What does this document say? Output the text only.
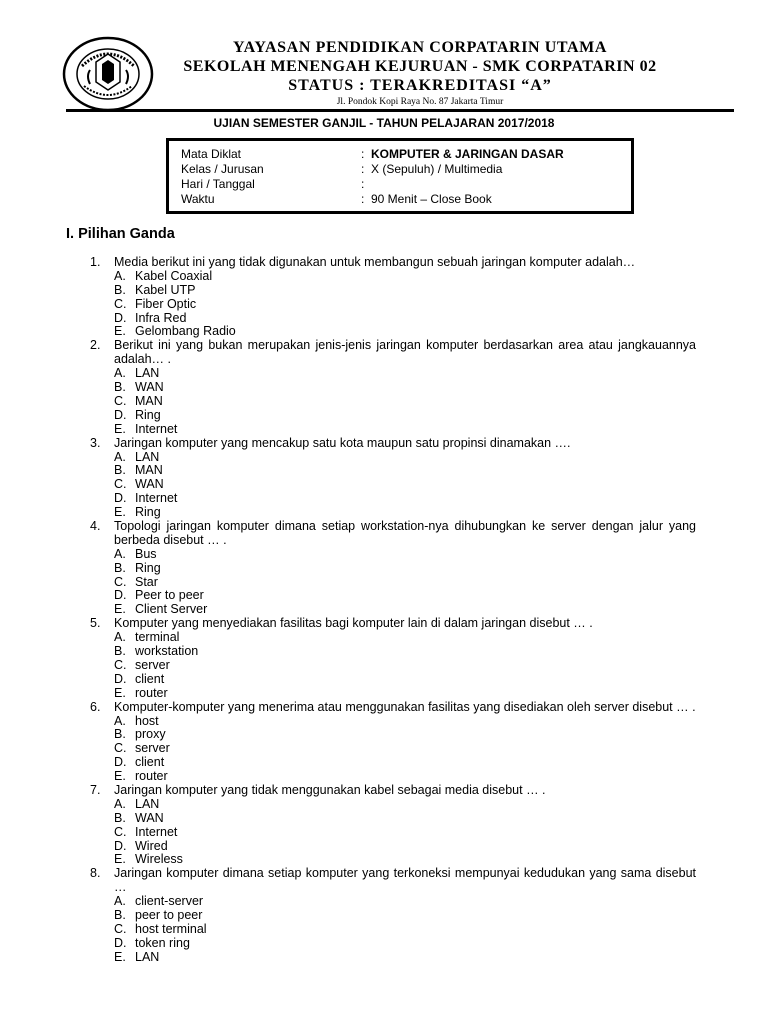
YAYASAN PENDIDIKAN CORPATARIN UTAMA
SEKOLAH MENENGAH KEJURUAN - SMK CORPATARIN 02
STATUS : TERAKREDITASI “A”
Jl. Pondok Kopi Raya No. 87 Jakarta Timur
UJIAN SEMESTER GANJIL - TAHUN PELAJARAN 2017/2018
Mata Diklat	: KOMPUTER & JARINGAN DASAR
Kelas / Jurusan	: X (Sepuluh) / Multimedia
Hari / Tanggal	:
Waktu	: 90 Menit – Close Book
I. Pilihan Ganda
1. Media berikut ini yang tidak digunakan untuk membangun sebuah jaringan komputer adalah…
A. Kabel Coaxial
B. Kabel UTP
C. Fiber Optic
D. Infra Red
E. Gelombang Radio
2. Berikut ini yang bukan merupakan jenis-jenis jaringan komputer berdasarkan area atau jangkauannya adalah… .
A. LAN
B. WAN
C. MAN
D. Ring
E. Internet
3. Jaringan komputer yang mencakup satu kota maupun satu propinsi dinamakan ….
A. LAN
B. MAN
C. WAN
D. Internet
E. Ring
4. Topologi jaringan komputer dimana setiap workstation-nya dihubungkan ke server dengan jalur yang berbeda disebut … .
A. Bus
B. Ring
C. Star
D. Peer to peer
E. Client Server
5. Komputer yang menyediakan fasilitas bagi komputer lain di dalam jaringan disebut … .
A. terminal
B. workstation
C. server
D. client
E. router
6. Komputer-komputer yang menerima atau menggunakan fasilitas yang disediakan oleh server disebut … .
A. host
B. proxy
C. server
D. client
E. router
7. Jaringan komputer yang tidak menggunakan kabel sebagai media disebut … .
A. LAN
B. WAN
C. Internet
D. Wired
E. Wireless
8. Jaringan komputer dimana setiap komputer yang terkoneksi mempunyai kedudukan yang sama disebut …
A. client-server
B. peer to peer
C. host terminal
D. token ring
E. LAN
